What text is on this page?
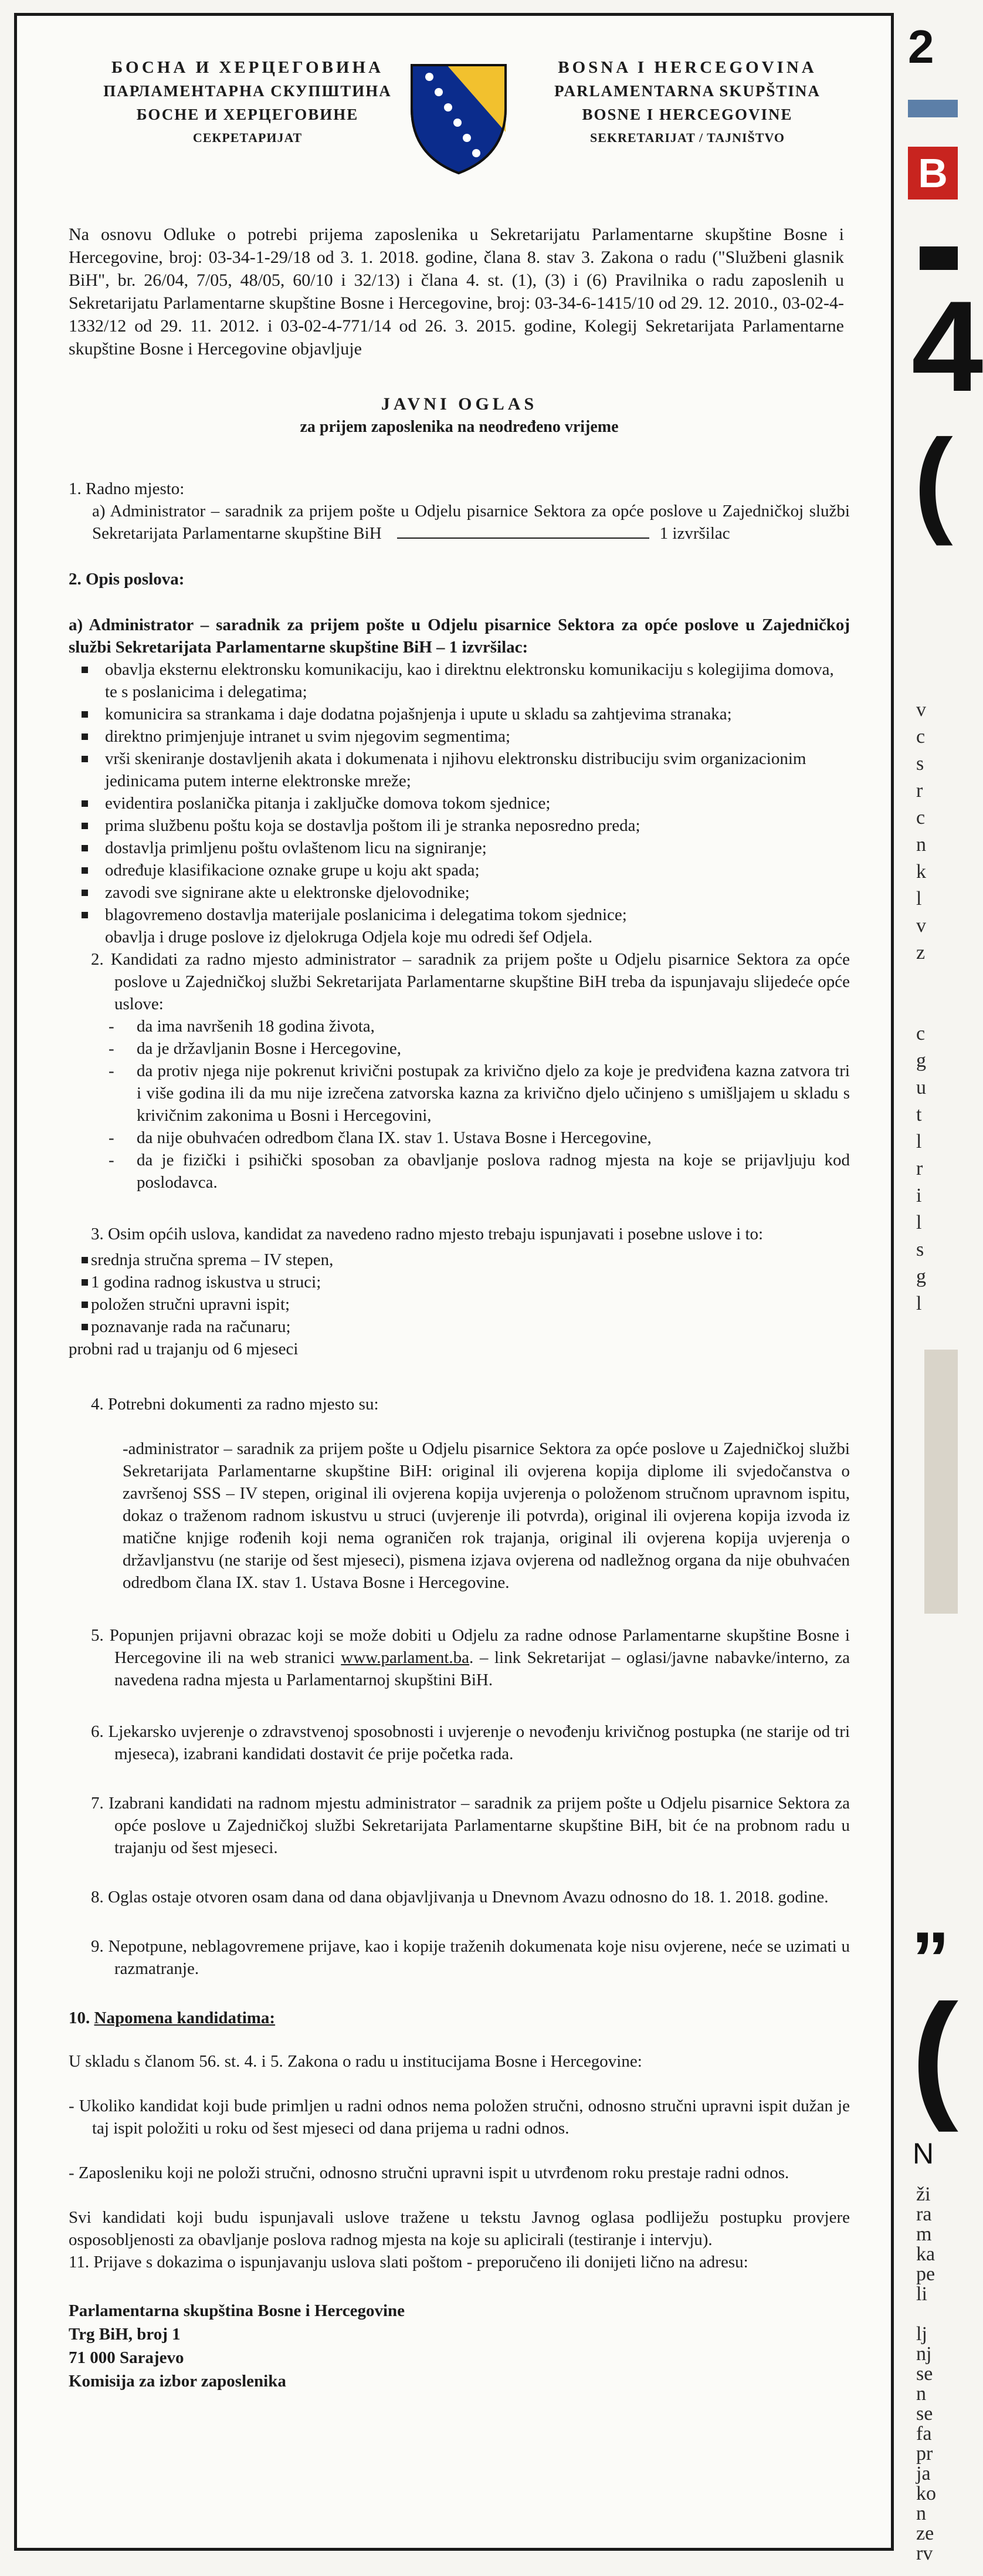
БОСНА И ХЕРЦЕГОВИНА
ПАРЛАМЕНТАРНА СКУПШТИНА
БОСНЕ И ХЕРЦЕГОВИНЕ
СЕКРЕТАРИЈАТ
BOSNA I HERCEGOVINA
PARLAMENTARNA SKUPŠTINA
BOSNE I HERCEGOVINE
SEKRETARIJAT / TAJNIŠTVO

Na osnovu Odluke o potrebi prijema zaposlenika u Sekretarijatu Parlamentarne skupštine Bosne i Hercegovine, broj: 03-34-1-29/18 od 3. 1. 2018. godine, člana 8. stav 3. Zakona o radu ("Službeni glasnik BiH", br. 26/04, 7/05, 48/05, 60/10 i 32/13) i člana 4. st. (1), (3) i (6) Pravilnika o radu zaposlenih u Sekretarijatu Parlamentarne skupštine Bosne i Hercegovine, broj: 03-34-6-1415/10 od 29. 12. 2010., 03-02-4-1332/12 od 29. 11. 2012. i 03-02-4-771/14 od 26. 3. 2015. godine, Kolegij Sekretarijata Parlamentarne skupštine Bosne i Hercegovine objavljuje

JAVNI OGLAS
za prijem zaposlenika na neodređeno vrijeme
1. Radno mjesto:
a) Administrator – saradnik za prijem pošte u Odjelu pisarnice Sektora za opće poslove u Zajedničkoj službi Sekretarijata Parlamentarne skupštine BiH	1 izvršilac
2. Opis poslova:
a) Administrator – saradnik za prijem pošte u Odjelu pisarnice Sektora za opće poslove u Zajedničkoj službi Sekretarijata Parlamentarne skupštine BiH – 1 izvršilac:
obavlja eksternu elektronsku komunikaciju, kao i direktnu elektronsku komunikaciju s kolegijima domova, te s poslanicima i delegatima;
komunicira sa strankama i daje dodatna pojašnjenja i upute u skladu sa zahtjevima stranaka;
direktno primjenjuje intranet u svim njegovim segmentima;
vrši skeniranje dostavljenih akata i dokumenata i njihovu elektronsku distribuciju svim organizacionim jedinicama putem interne elektronske mreže;
evidentira poslanička pitanja i zaključke domova tokom sjednice;
prima službenu poštu koja se dostavlja poštom ili je stranka neposredno preda;
dostavlja primljenu poštu ovlaštenom licu na signiranje;
određuje klasifikacione oznake grupe u koju akt spada;
zavodi sve signirane akte u elektronske djelovodnike;
blagovremeno dostavlja materijale poslanicima i delegatima tokom sjednice;
obavlja i druge poslove iz djelokruga Odjela koje mu odredi šef Odjela.
2. Kandidati za radno mjesto administrator – saradnik za prijem pošte u Odjelu pisarnice Sektora za opće poslove u Zajedničkoj službi Sekretarijata Parlamentarne skupštine BiH treba da ispunjavaju slijedeće opće uslove:
- da ima navršenih 18 godina života,
- da je državljanin Bosne i Hercegovine,
- da protiv njega nije pokrenut krivični postupak za krivično djelo za koje je predviđena kazna zatvora tri i više godina ili da mu nije izrečena zatvorska kazna za krivično djelo učinjeno s umišljajem u skladu s krivičnim zakonima u Bosni i Hercegovini,
- da nije obuhvaćen odredbom člana IX. stav 1. Ustava Bosne i Hercegovine,
- da je fizički i psihički sposoban za obavljanje poslova radnog mjesta na koje se prijavljuju kod poslodavca.
3. Osim općih uslova, kandidat za navedeno radno mjesto trebaju ispunjavati i posebne uslove i to:
srednja stručna sprema – IV stepen,
1 godina radnog iskustva u struci;
položen stručni upravni ispit;
poznavanje rada na računaru;
probni rad u trajanju od 6 mjeseci
4. Potrebni dokumenti za radno mjesto su:
-administrator – saradnik za prijem pošte u Odjelu pisarnice Sektora za opće poslove u Zajedničkoj službi Sekretarijata Parlamentarne skupštine BiH: original ili ovjerena kopija diplome ili svjedočanstva o završenoj SSS – IV stepen, original ili ovjerena kopija uvjerenja o položenom stručnom upravnom ispitu, dokaz o traženom radnom iskustvu u struci (uvjerenje ili potvrda), original ili ovjerena kopija izvoda iz matične knjige rođenih koji nema ograničen rok trajanja, original ili ovjerena kopija uvjerenja o državljanstvu (ne starije od šest mjeseci), pismena izjava ovjerena od nadležnog organa da nije obuhvaćen odredbom člana IX. stav 1. Ustava Bosne i Hercegovine.
5. Popunjen prijavni obrazac koji se može dobiti u Odjelu za radne odnose Parlamentarne skupštine Bosne i Hercegovine ili na web stranici www.parlament.ba. – link Sekretarijat – oglasi/javne nabavke/interno, za navedena radna mjesta u Parlamentarnoj skupštini BiH.
6. Ljekarsko uvjerenje o zdravstvenoj sposobnosti i uvjerenje o nevođenju krivičnog postupka (ne starije od tri mjeseca), izabrani kandidati dostavit će prije početka rada.
7. Izabrani kandidati na radnom mjestu administrator – saradnik za prijem pošte u Odjelu pisarnice Sektora za opće poslove u Zajedničkoj službi Sekretarijata Parlamentarne skupštine BiH, bit će na probnom radu u trajanju od šest mjeseci.
8. Oglas ostaje otvoren osam dana od dana objavljivanja u Dnevnom Avazu odnosno do 18. 1. 2018. godine.
9. Nepotpune, neblagovremene prijave, kao i kopije traženih dokumenata koje nisu ovjerene, neće se uzimati u razmatranje.
10. Napomena kandidatima:
U skladu s članom 56. st. 4. i 5. Zakona o radu u institucijama Bosne i Hercegovine:
- Ukoliko kandidat koji bude primljen u radni odnos nema položen stručni, odnosno stručni upravni ispit dužan je taj ispit položiti u roku od šest mjeseci od dana prijema u radni odnos.
- Zaposleniku koji ne položi stručni, odnosno stručni upravni ispit u utvrđenom roku prestaje radni odnos.
Svi kandidati koji budu ispunjavali uslove tražene u tekstu Javnog oglasa podliježu postupku provjere osposobljenosti za obavljanje poslova radnog mjesta na koje su aplicirali (testiranje i intervju).
11. Prijave s dokazima o ispunjavanju uslova slati poštom - preporučeno ili donijeti lično na adresu:
Parlamentarna skupština Bosne i Hercegovine
Trg BiH, broj 1
71 000 Sarajevo
Komisija za izbor zaposlenika
2
B
4
(
v
c
s
r
c
n
k
l
v
z
c
g
u
t
l
r
i
l
s
g
l
„
(
N
ži
ra
m
ka
pe
li
lj
nj
se
n
se
fa
pr
ja
ko
n
ze
rv
